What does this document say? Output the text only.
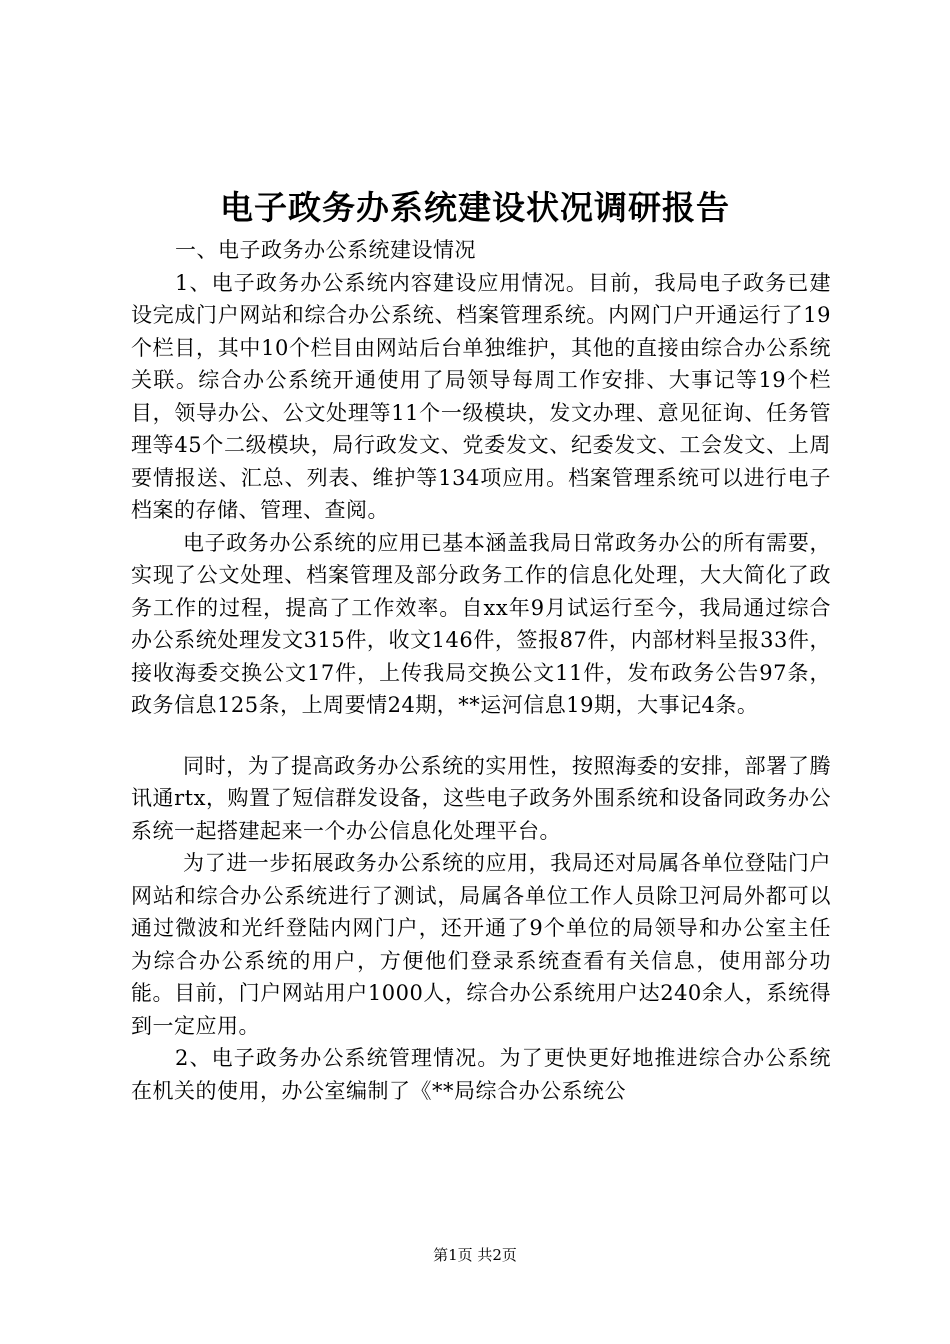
电子政务办系统建设状况调研报告

一、电子政务办公系统建设情况

1、电子政务办公系统内容建设应用情况。目前，我局电子政务已建设完成门户网站和综合办公系统、档案管理系统。内网门户开通运行了19个栏目，其中10个栏目由网站后台单独维护，其他的直接由综合办公系统关联。综合办公系统开通使用了局领导每周工作安排、大事记等19个栏目，领导办公、公文处理等11个一级模块，发文办理、意见征询、任务管理等45个二级模块，局行政发文、党委发文、纪委发文、工会发文、上周要情报送、汇总、列表、维护等134项应用。档案管理系统可以进行电子档案的存储、管理、查阅。

电子政务办公系统的应用已基本涵盖我局日常政务办公的所有需要，实现了公文处理、档案管理及部分政务工作的信息化处理，大大简化了政务工作的过程，提高了工作效率。自xx年9月试运行至今，我局通过综合办公系统处理发文315件，收文146件，签报87件，内部材料呈报33件，接收海委交换公文17件，上传我局交换公文11件，发布政务公告97条，政务信息125条，上周要情24期，**运河信息19期，大事记4条。

同时，为了提高政务办公系统的实用性，按照海委的安排，部署了腾讯通rtx，购置了短信群发设备，这些电子政务外围系统和设备同政务办公系统一起搭建起来一个办公信息化处理平台。

为了进一步拓展政务办公系统的应用，我局还对局属各单位登陆门户网站和综合办公系统进行了测试，局属各单位工作人员除卫河局外都可以通过微波和光纤登陆内网门户，还开通了9个单位的局领导和办公室主任为综合办公系统的用户，方便他们登录系统查看有关信息，使用部分功能。目前，门户网站用户1000人，综合办公系统用户达240余人，系统得到一定应用。

2、电子政务办公系统管理情况。为了更快更好地推进综合办公系统在机关的使用，办公室编制了《**局综合办公系统公

第1页 共2页
